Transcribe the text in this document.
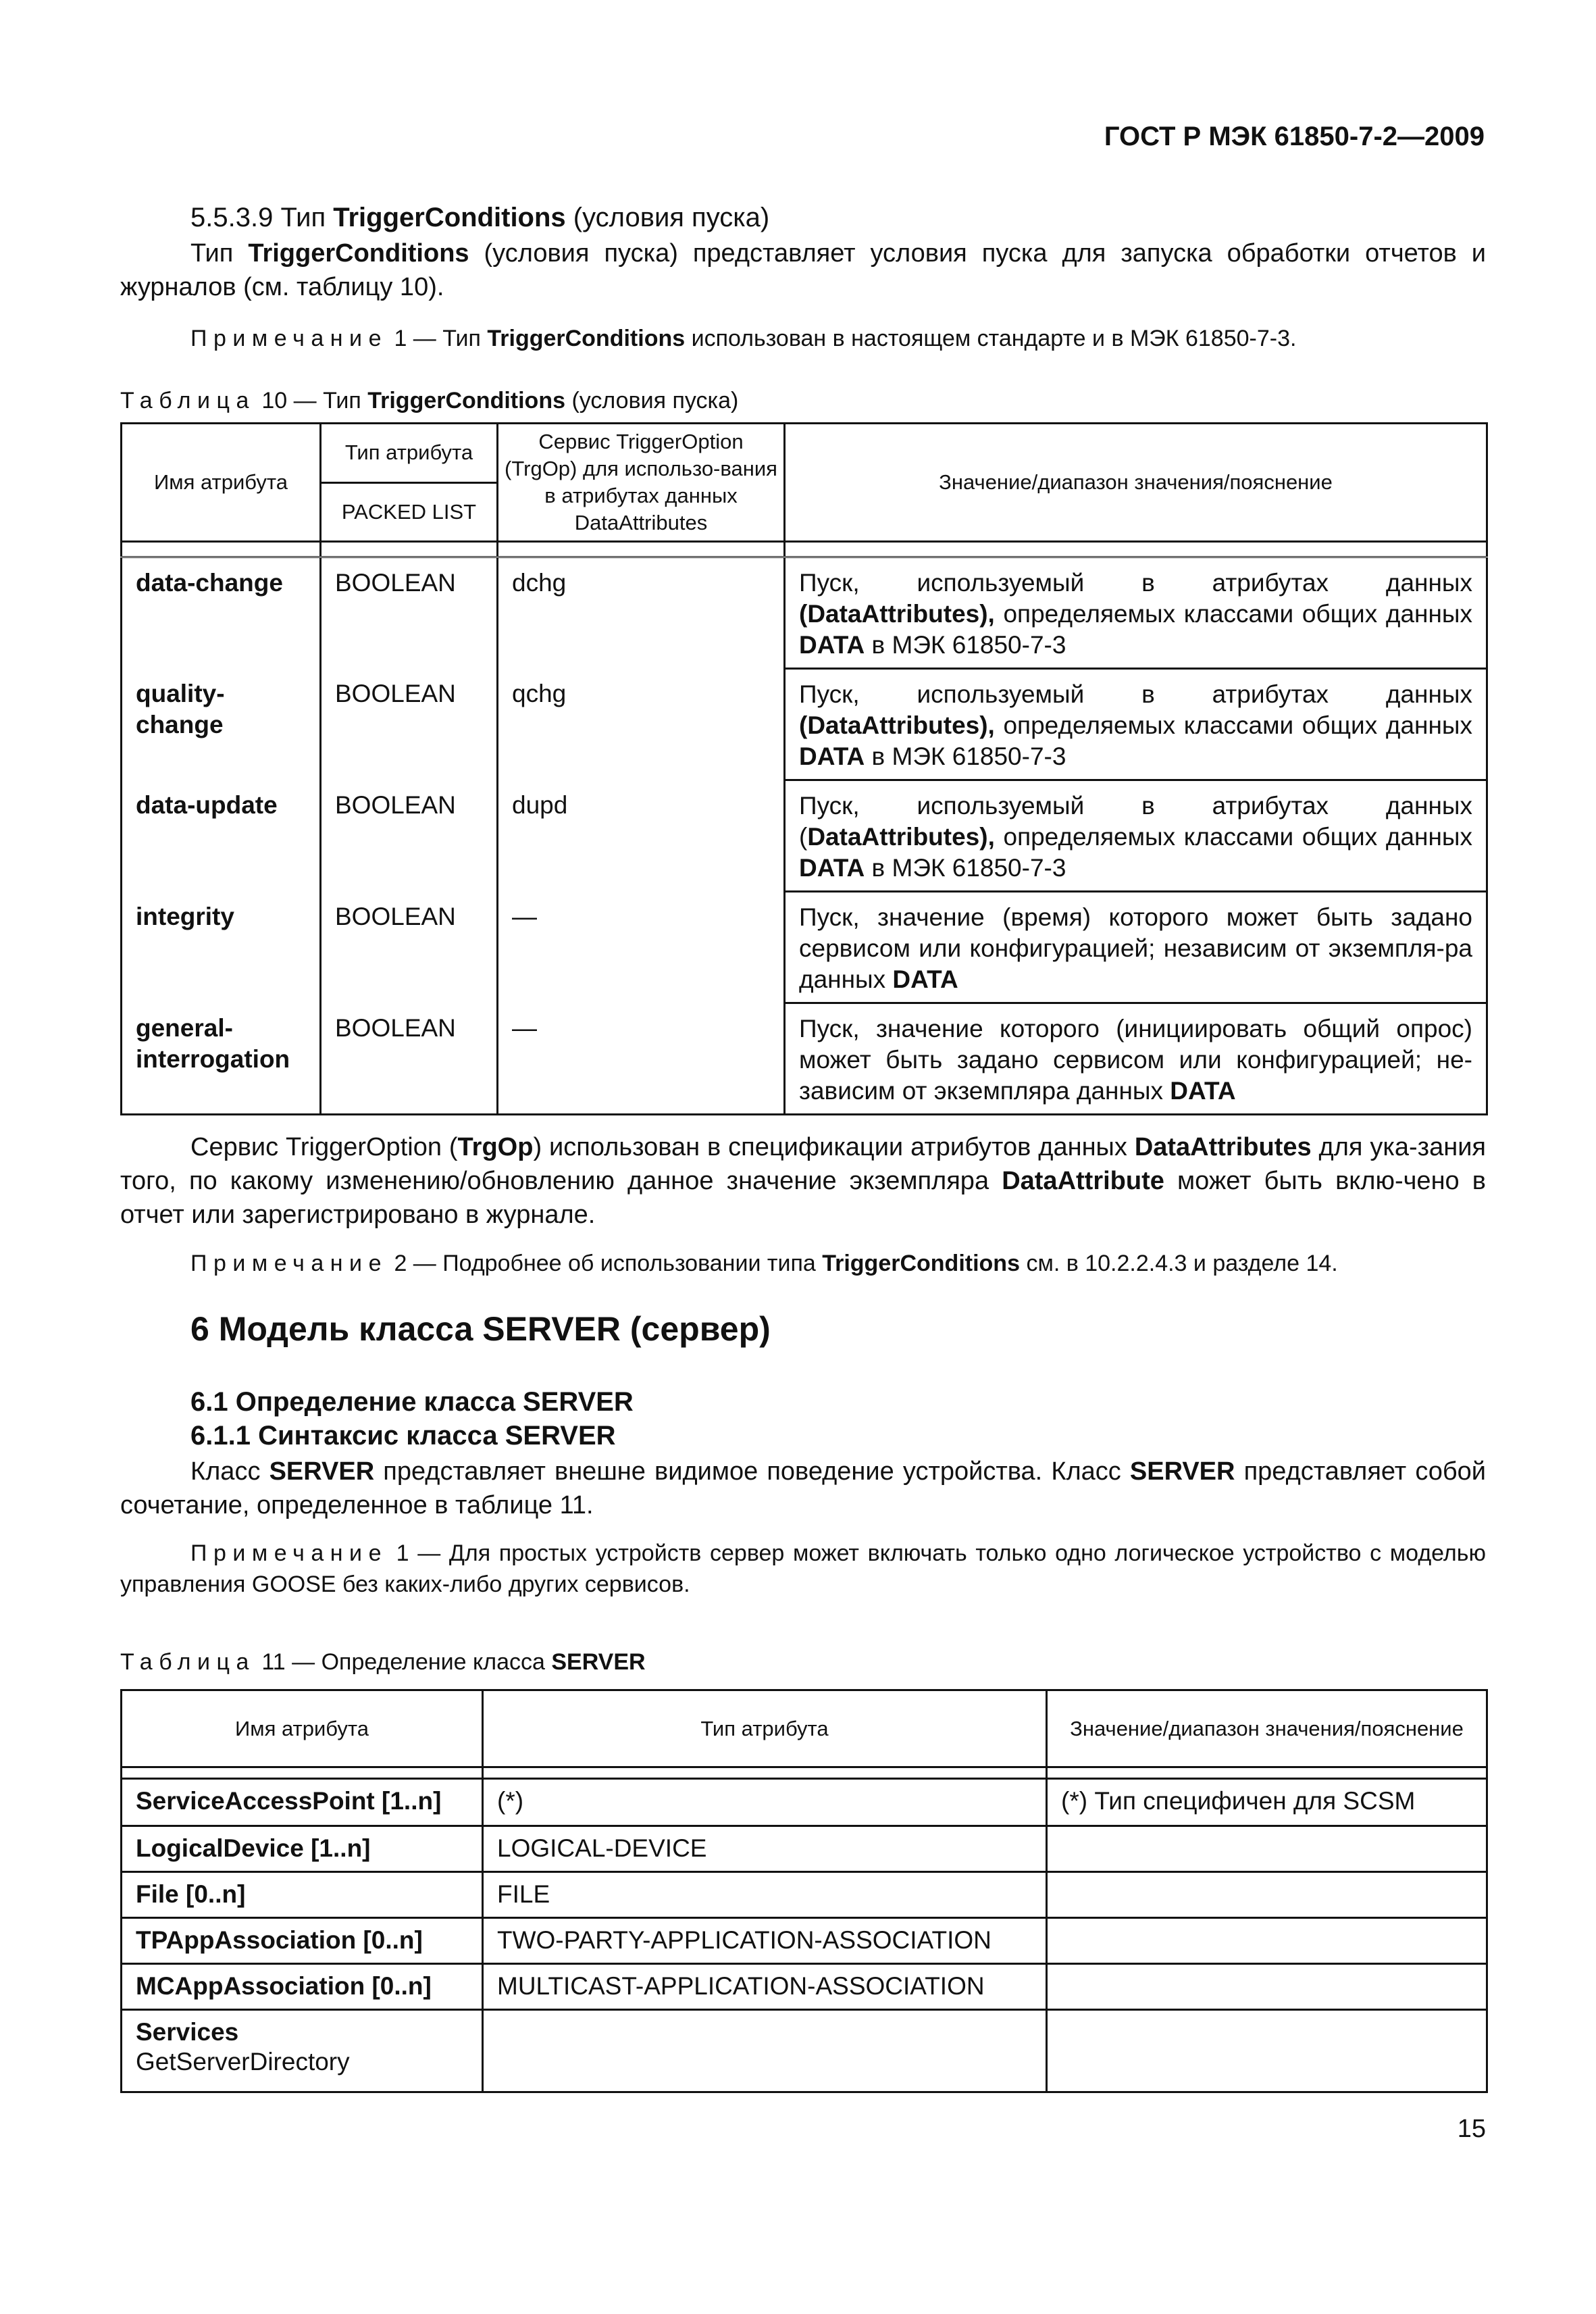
ГОСТ Р МЭК 61850-7-2—2009
5.5.3.9 Тип TriggerConditions (условия пуска)
Тип TriggerConditions (условия пуска) представляет условия пуска для запуска обработки отчетов и журналов (см. таблицу 10).
Примечание 1 — Тип TriggerConditions использован в настоящем стандарте и в МЭК 61850-7-3.
Таблица 10 — Тип TriggerConditions (условия пуска)
Имя атрибута	Тип атрибута	Сервис TriggerOption (TrgOp) для использо-вания в атрибутах данных DataAttributes	Значение/диапазон значения/пояснение
	PACKED LIST		

data-change	BOOLEAN	dchg	Пуск, используемый в атрибутах данных (DataAttributes), определяемых классами общих данных DATA в МЭК 61850-7-3
quality-change	BOOLEAN	qchg	Пуск, используемый в атрибутах данных (DataAttributes), определяемых классами общих данных DATA в МЭК 61850-7-3
data-update	BOOLEAN	dupd	Пуск, используемый в атрибутах данных (DataAttributes), определяемых классами общих данных DATA в МЭК 61850-7-3
integrity	BOOLEAN	—	Пуск, значение (время) которого может быть задано сервисом или конфигурацией; независим от экземпля-ра данных DATA

general-interrogation	BOOLEAN	—	Пуск, значение которого (инициировать общий опрос) может быть задано сервисом или конфигурацией; не-зависим от экземпляра данных DATA
Сервис TriggerOption (TrgOp) использован в спецификации атрибутов данных DataAttributes для ука-зания того, по какому изменению/обновлению данное значение экземпляра DataAttribute может быть вклю-чено в отчет или зарегистрировано в журнале.
Примечание 2 — Подробнее об использовании типа TriggerConditions см. в 10.2.2.4.3 и разделе 14.
6 Модель класса SERVER (сервер)
6.1 Определение класса SERVER
6.1.1 Синтаксис класса SERVER
Класс SERVER представляет внешне видимое поведение устройства. Класс SERVER представляет собой сочетание, определенное в таблице 11.
Примечание 1 — Для простых устройств сервер может включать только одно логическое устройство с моделью управления GOOSE без каких-либо других сервисов.
Таблица 11 — Определение класса SERVER
Имя атрибута	Тип атрибута	Значение/диапазон значения/пояснение

ServiceAccessPoint [1..n]	(*)	(*) Тип специфичен для SCSM
LogicalDevice [1..n]	LOGICAL-DEVICE	
File [0..n]	FILE	
TPAppAssociation [0..n]	TWO-PARTY-APPLICATION-ASSOCIATION	
MCAppAssociation [0..n]	MULTICAST-APPLICATION-ASSOCIATION	

Services
GetServerDirectory		
15
